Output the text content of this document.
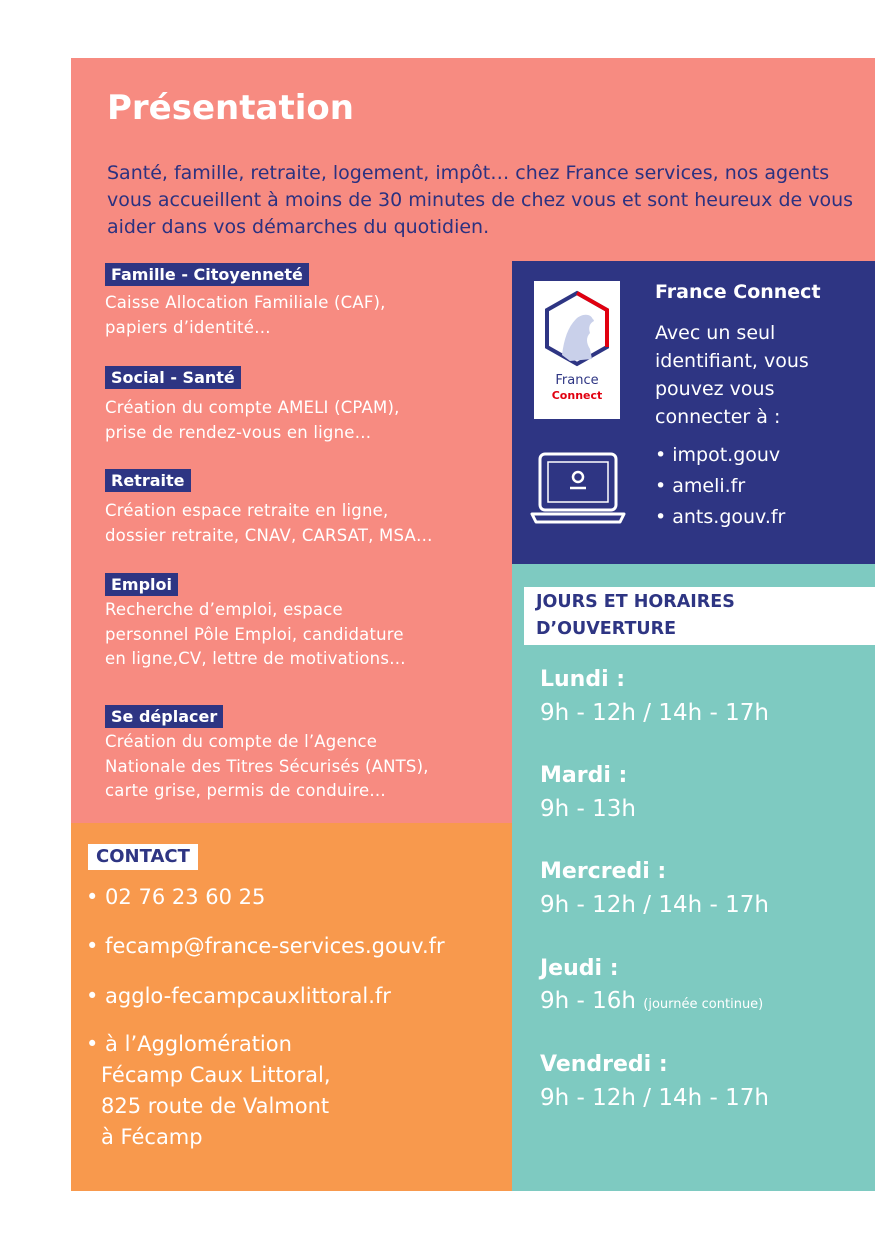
Présentation
Santé, famille, retraite, logement, impôt… chez France services, nos agents vous accueillent à moins de 30 minutes de chez vous et sont heureux de vous aider dans vos démarches du quotidien.
Famille - Citoyenneté
Caisse Allocation Familiale (CAF),
papiers d’identité…
Social - Santé
Création du compte AMELI (CPAM),
prise de rendez-vous en ligne…
Retraite
Création espace retraite en ligne,
dossier retraite, CNAV, CARSAT, MSA…
Emploi
Recherche d’emploi, espace
personnel Pôle Emploi, candidature
en ligne,CV, lettre de motivations…
Se déplacer
Création du compte de l’Agence
Nationale des Titres Sécurisés (ANTS),
carte grise, permis de conduire…
France
Connect
France Connect
Avec un seul identifiant, vous pouvez vous connecter à :
• impot.gouv
• ameli.fr
• ants.gouv.fr
JOURS ET HORAIRES
D’OUVERTURE
Lundi :
9h - 12h / 14h - 17h
Mardi :
9h - 13h
Mercredi :
9h - 12h / 14h - 17h
Jeudi :
9h - 16h (journée continue)
Vendredi :
9h - 12h / 14h - 17h
CONTACT
• 02 76 23 60 25
• fecamp@france-services.gouv.fr
• agglo-fecampcauxlittoral.fr
• à l’Agglomération
Fécamp Caux Littoral,
825 route de Valmont
à Fécamp
